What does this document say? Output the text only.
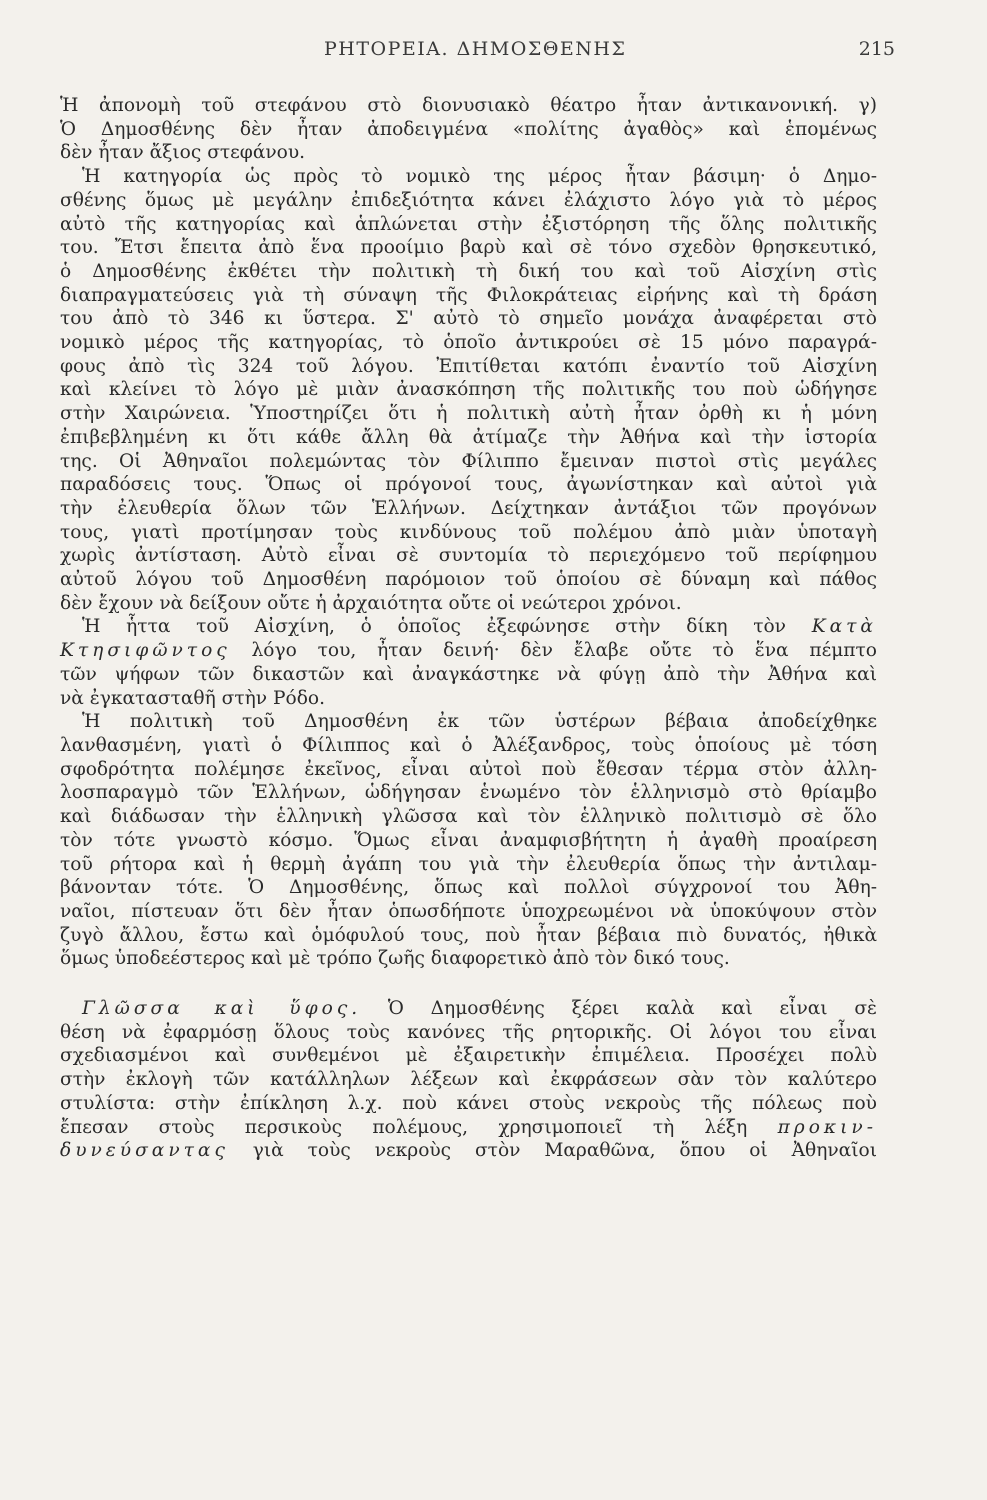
ΡΗΤΟΡΕΙΑ. ΔΗΜΟΣΘΕΝΗΣ	215
Ἡ ἀπονομὴ τοῦ στεφάνου στὸ διονυσιακὸ θέατρο ἦταν ἀντικανονική. γ)
Ὁ Δημοσθένης δὲν ἦταν ἀποδειγμένα «πολίτης ἀγαθὸς» καὶ ἑπομένως
δὲν ἦταν ἄξιος στεφάνου.
Ἡ κατηγορία ὡς πρὸς τὸ νομικὸ της μέρος ἦταν βάσιμη· ὁ Δημο-
σθένης ὅμως μὲ μεγάλην ἐπιδεξιότητα κάνει ἐλάχιστο λόγο γιὰ τὸ μέρος
αὐτὸ τῆς κατηγορίας καὶ ἁπλώνεται στὴν ἐξιστόρηση τῆς ὅλης πολιτικῆς
του. Ἔτσι ἔπειτα ἀπὸ ἕνα προοίμιο βαρὺ καὶ σὲ τόνο σχεδὸν θρησκευτικό,
ὁ Δημοσθένης ἐκθέτει τὴν πολιτικὴ τὴ δική του καὶ τοῦ Αἰσχίνη στὶς
διαπραγματεύσεις γιὰ τὴ σύναψη τῆς Φιλοκράτειας εἰρήνης καὶ τὴ δράση
του ἀπὸ τὸ 346 κι ὕστερα. Σ' αὐτὸ τὸ σημεῖο μονάχα ἀναφέρεται στὸ
νομικὸ μέρος τῆς κατηγορίας, τὸ ὁποῖο ἀντικρούει σὲ 15 μόνο παραγρά-
φους ἀπὸ τὶς 324 τοῦ λόγου. Ἐπιτίθεται κατόπι ἐναντίο τοῦ Αἰσχίνη
καὶ κλείνει τὸ λόγο μὲ μιὰν ἀνασκόπηση τῆς πολιτικῆς του ποὺ ὡδήγησε
στὴν Χαιρώνεια. Ὑποστηρίζει ὅτι ἡ πολιτικὴ αὐτὴ ἦταν ὀρθὴ κι ἡ μόνη
ἐπιβεβλημένη κι ὅτι κάθε ἄλλη θὰ ἀτίμαζε τὴν Ἀθήνα καὶ τὴν ἱστορία
της. Οἱ Ἀθηναῖοι πολεμώντας τὸν Φίλιππο ἔμειναν πιστοὶ στὶς μεγάλες
παραδόσεις τους. Ὅπως οἱ πρόγονοί τους, ἀγωνίστηκαν καὶ αὐτοὶ γιὰ
τὴν ἐλευθερία ὅλων τῶν Ἑλλήνων. Δείχτηκαν ἀντάξιοι τῶν προγόνων
τους, γιατὶ προτίμησαν τοὺς κινδύνους τοῦ πολέμου ἀπὸ μιὰν ὑποταγὴ
χωρὶς ἀντίσταση. Αὐτὸ εἶναι σὲ συντομία τὸ περιεχόμενο τοῦ περίφημου
αὐτοῦ λόγου τοῦ Δημοσθένη παρόμοιον τοῦ ὁποίου σὲ δύναμη καὶ πάθος
δὲν ἔχουν νὰ δείξουν οὔτε ἡ ἀρχαιότητα οὔτε οἱ νεώτεροι χρόνοι.
Ἡ ἧττα τοῦ Αἰσχίνη, ὁ ὁποῖος ἐξεφώνησε στὴν δίκη τὸν Κατὰ
Κτησιφῶντος λόγο του, ἦταν δεινή· δὲν ἔλαβε οὔτε τὸ ἕνα πέμπτο
τῶν ψήφων τῶν δικαστῶν καὶ ἀναγκάστηκε νὰ φύγῃ ἀπὸ τὴν Ἀθήνα καὶ
νὰ ἐγκατασταθῆ στὴν Ρόδο.
Ἡ πολιτικὴ τοῦ Δημοσθένη ἐκ τῶν ὑστέρων βέβαια ἀποδείχθηκε
λανθασμένη, γιατὶ ὁ Φίλιππος καὶ ὁ Ἀλέξανδρος, τοὺς ὁποίους μὲ τόση
σφοδρότητα πολέμησε ἐκεῖνος, εἶναι αὐτοὶ ποὺ ἔθεσαν τέρμα στὸν ἀλλη-
λοσπαραγμὸ τῶν Ἑλλήνων, ὡδήγησαν ἑνωμένο τὸν ἑλληνισμὸ στὸ θρίαμβο
καὶ διάδωσαν τὴν ἑλληνικὴ γλῶσσα καὶ τὸν ἑλληνικὸ πολιτισμὸ σὲ ὅλο
τὸν τότε γνωστὸ κόσμο. Ὅμως εἶναι ἀναμφισβήτητη ἡ ἀγαθὴ προαίρεση
τοῦ ρήτορα καὶ ἡ θερμὴ ἀγάπη του γιὰ τὴν ἐλευθερία ὅπως τὴν ἀντιλαμ-
βάνονταν τότε. Ὁ Δημοσθένης, ὅπως καὶ πολλοὶ σύγχρονοί του Ἀθη-
ναῖοι, πίστευαν ὅτι δὲν ἦταν ὁπωσδήποτε ὑποχρεωμένοι νὰ ὑποκύψουν στὸν
ζυγὸ ἄλλου, ἔστω καὶ ὁμόφυλού τους, ποὺ ἦταν βέβαια πιὸ δυνατός, ἠθικὰ
ὅμως ὑποδεέστερος καὶ μὲ τρόπο ζωῆς διαφορετικὸ ἀπὸ τὸν δικό τους.
Γλῶσσα καὶ ὕφος. Ὁ Δημοσθένης ξέρει καλὰ καὶ εἶναι σὲ
θέση νὰ ἐφαρμόσῃ ὅλους τοὺς κανόνες τῆς ρητορικῆς. Οἱ λόγοι του εἶναι
σχεδιασμένοι καὶ συνθεμένοι μὲ ἐξαιρετικὴν ἐπιμέλεια. Προσέχει πολὺ
στὴν ἐκλογὴ τῶν κατάλληλων λέξεων καὶ ἐκφράσεων σὰν τὸν καλύτερο
στυλίστα: στὴν ἐπίκληση λ.χ. ποὺ κάνει στοὺς νεκροὺς τῆς πόλεως ποὺ
ἔπεσαν στοὺς περσικοὺς πολέμους, χρησιμοποιεῖ τὴ λέξη προκιν-
δυνεύσαντας γιὰ τοὺς νεκροὺς στὸν Μαραθῶνα, ὅπου οἱ Ἀθηναῖοι
